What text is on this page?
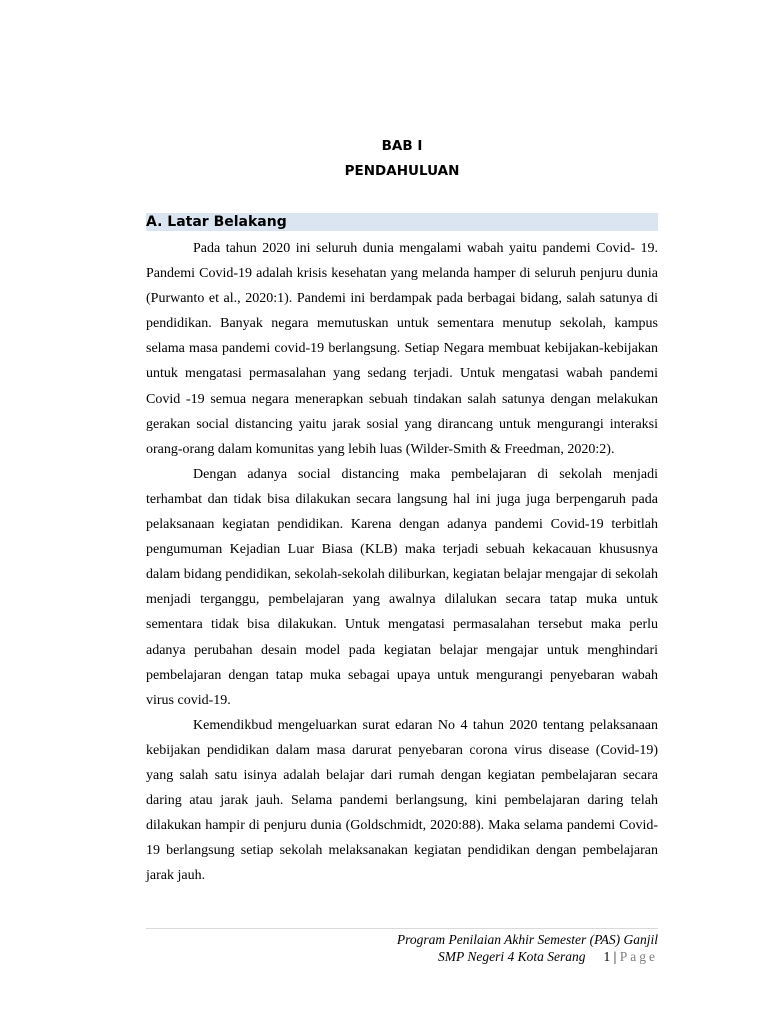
BAB I
PENDAHULUAN
A. Latar Belakang

Pada tahun 2020 ini seluruh dunia mengalami wabah yaitu pandemi Covid- 19. Pandemi Covid-19 adalah krisis kesehatan yang melanda hamper di seluruh penjuru dunia (Purwanto et al., 2020:1). Pandemi ini berdampak pada berbagai bidang, salah satunya di pendidikan. Banyak negara memutuskan untuk sementara menutup sekolah, kampus selama masa pandemi covid-19 berlangsung. Setiap Negara membuat kebijakan-kebijakan untuk mengatasi permasalahan yang sedang terjadi. Untuk mengatasi wabah pandemi Covid -19 semua negara menerapkan sebuah tindakan salah satunya dengan melakukan gerakan social distancing yaitu jarak sosial yang dirancang untuk mengurangi interaksi orang-orang dalam komunitas yang lebih luas (Wilder-Smith & Freedman, 2020:2).

Dengan adanya social distancing maka pembelajaran di sekolah menjadi terhambat dan tidak bisa dilakukan secara langsung hal ini juga juga berpengaruh pada pelaksanaan kegiatan pendidikan. Karena dengan adanya pandemi Covid-19 terbitlah pengumuman Kejadian Luar Biasa (KLB) maka terjadi sebuah kekacauan khususnya dalam bidang pendidikan, sekolah-sekolah diliburkan, kegiatan belajar mengajar di sekolah menjadi terganggu, pembelajaran yang awalnya dilalukan secara tatap muka untuk sementara tidak bisa dilakukan. Untuk mengatasi permasalahan tersebut maka perlu adanya perubahan desain model pada kegiatan belajar mengajar untuk menghindari pembelajaran dengan tatap muka sebagai upaya untuk mengurangi penyebaran wabah virus covid-19.

Kemendikbud mengeluarkan surat edaran No 4 tahun 2020 tentang pelaksanaan kebijakan pendidikan dalam masa darurat penyebaran corona virus disease (Covid-19) yang salah satu isinya adalah belajar dari rumah dengan kegiatan pembelajaran secara daring atau jarak jauh. Selama pandemi berlangsung, kini pembelajaran daring telah dilakukan hampir di penjuru dunia (Goldschmidt, 2020:88). Maka selama pandemi Covid-19 berlangsung setiap sekolah melaksanakan kegiatan pendidikan dengan pembelajaran jarak jauh.

Program Penilaian Akhir Semester (PAS) Ganjil
SMP Negeri 4 Kota Serang 1 | Page
